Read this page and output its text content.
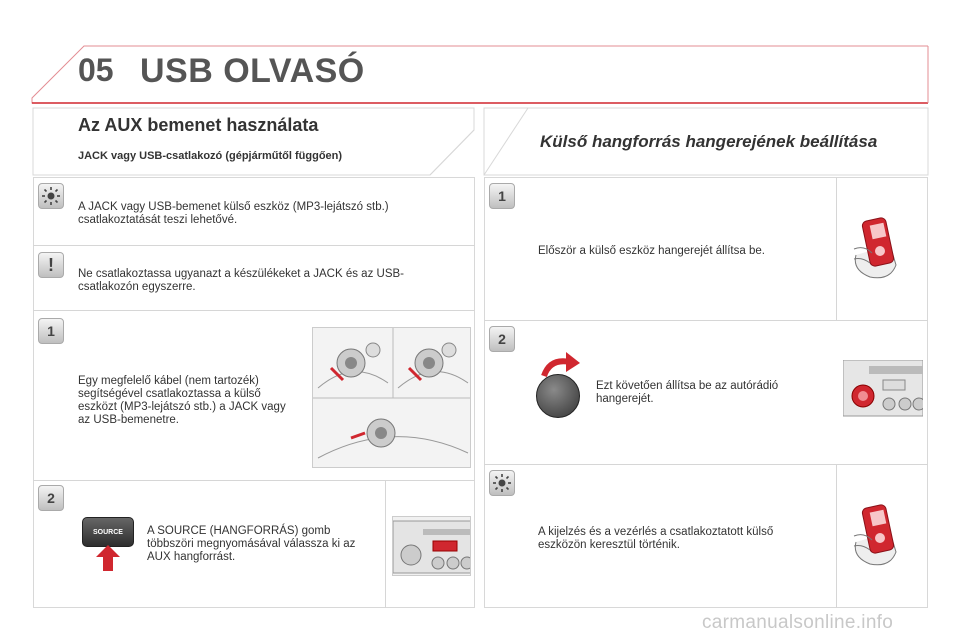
05 USB OLVASÓ
Az AUX bemenet használata
JACK vagy USB-csatlakozó (gépjárműtől függően)
Külső hangforrás hangerejének beállítása
A JACK vagy USB-bemenet külső eszköz (MP3-lejátszó stb.) csatlakoztatását teszi lehetővé.
!	Ne csatlakoztassa ugyanazt a készülékeket a JACK és az USB-csatlakozón egyszerre.
1
Egy megfelelő kábel (nem tartozék) segítségével csatlakoztassa a külső eszközt (MP3-lejátszó stb.) a JACK vagy az USB-bemenetre.
2
SOURCE	A SOURCE (HANGFORRÁS) gomb többszöri megnyomásával válassza ki az AUX hangforrást.
1
Először a külső eszköz hangerejét állítsa be.
2
Ezt követően állítsa be az autórádió hangerejét.
A kijelzés és a vezérlés a csatlakoztatott külső eszközön keresztül történik.
carmanualsonline.info
